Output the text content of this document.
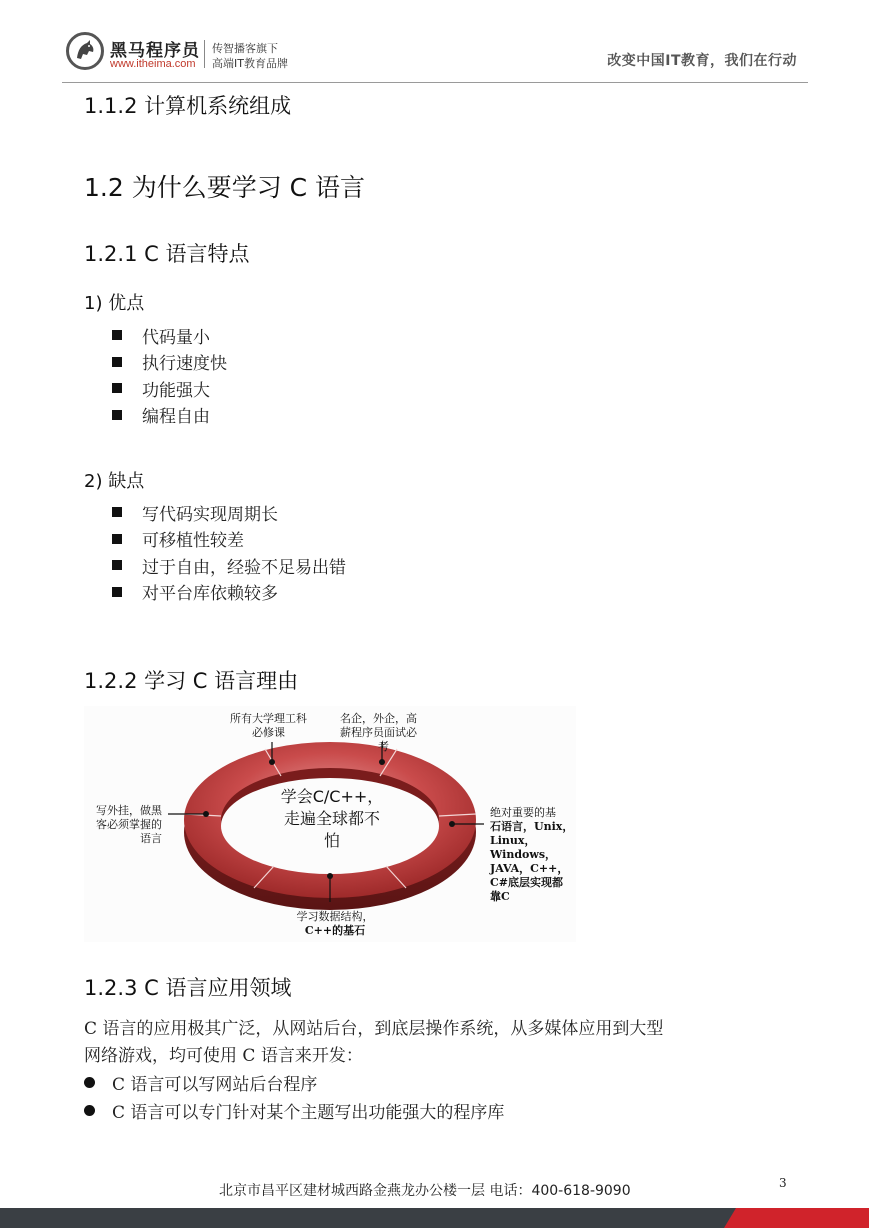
黑马程序员
www.itheima.com
传智播客旗下
高端IT教育品牌	改变中国IT教育，我们在行动
1.1.2 计算机系统组成
1.2 为什么要学习 C 语言
1.2.1 C 语言特点
1) 优点
代码量小
执行速度快
功能强大
编程自由
2) 缺点
写代码实现周期长
可移植性较差
过于自由，经验不足易出错
对平台库依赖较多
1.2.2 学习 C 语言理由
所有大学理工科
必修课
名企，外企，高
薪程序员面试必
考
写外挂，做黑
客必须掌握的
语言
绝对重要的基
石语言，Unix，
Linux，
Windows，
JAVA，C++，
C#底层实现都
靠C
学习数据结构，
C++的基石
学会C/C++，
走遍全球都不
怕
1.2.3 C 语言应用领域
C 语言的应用极其广泛，从网站后台，到底层操作系统，从多媒体应用到大型
网络游戏，均可使用 C 语言来开发：
C 语言可以写网站后台程序
C 语言可以专门针对某个主题写出功能强大的程序库
北京市昌平区建材城西路金燕龙办公楼一层 电话：400-618-9090	3
